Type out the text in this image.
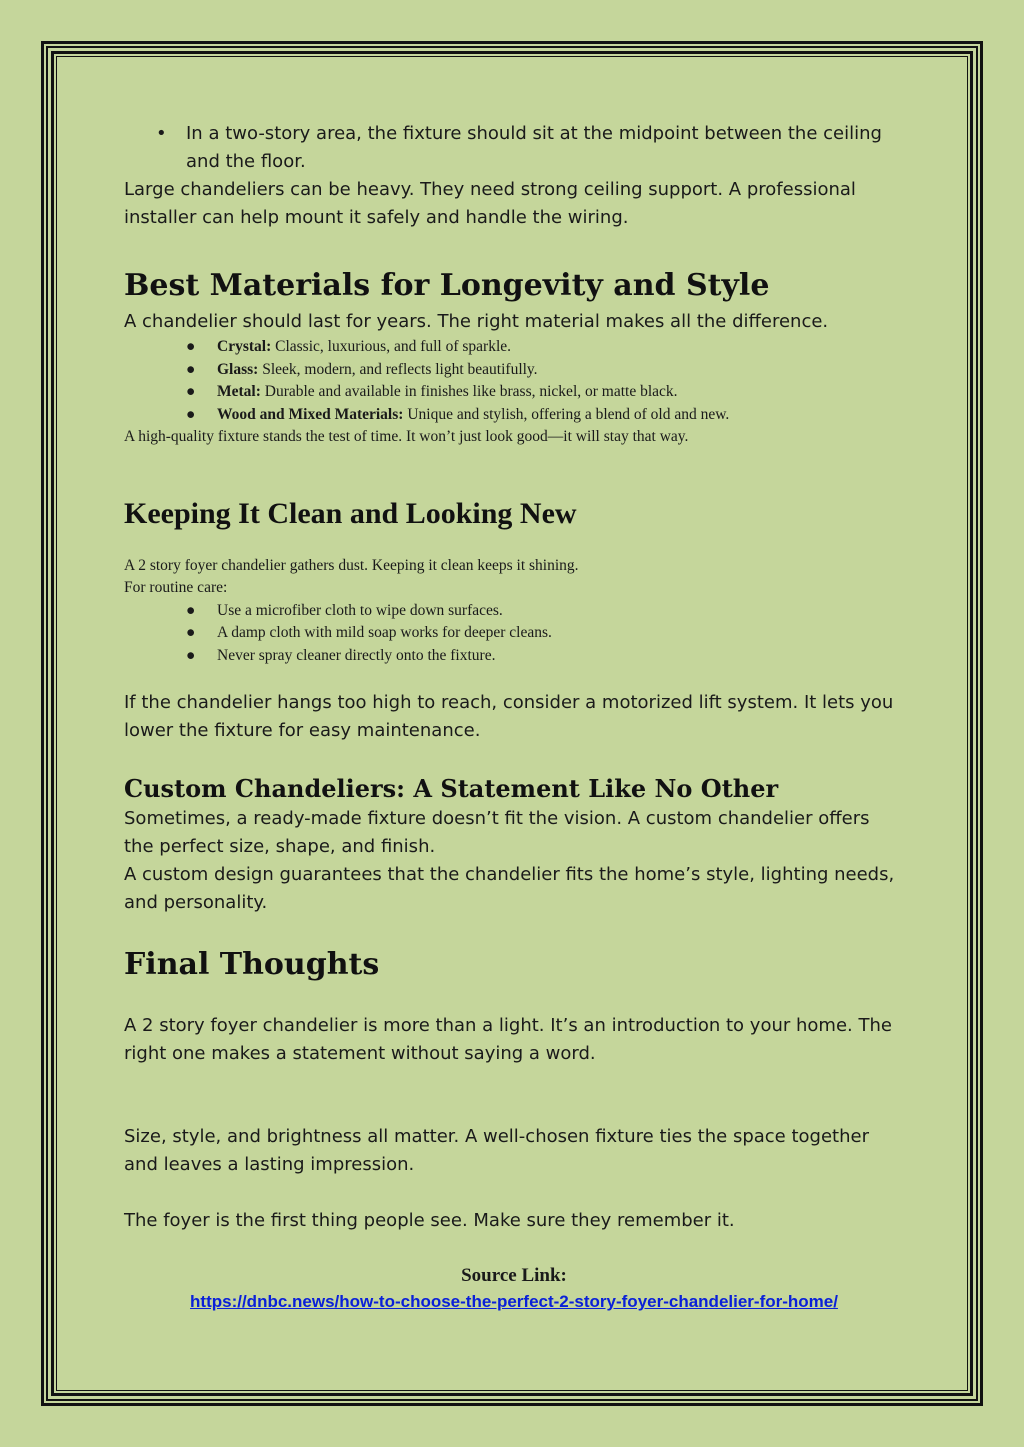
• In a two-story area, the fixture should sit at the midpoint between the ceiling and the floor.

Large chandeliers can be heavy. They need strong ceiling support. A professional installer can help mount it safely and handle the wiring.

Best Materials for Longevity and Style

A chandelier should last for years. The right material makes all the difference.

● Crystal: Classic, luxurious, and full of sparkle.
● Glass: Sleek, modern, and reflects light beautifully.
● Metal: Durable and available in finishes like brass, nickel, or matte black.
● Wood and Mixed Materials: Unique and stylish, offering a blend of old and new.

A high-quality fixture stands the test of time. It won’t just look good—it will stay that way.

Keeping It Clean and Looking New

A 2 story foyer chandelier gathers dust. Keeping it clean keeps it shining.

For routine care:

● Use a microfiber cloth to wipe down surfaces.
● A damp cloth with mild soap works for deeper cleans.
● Never spray cleaner directly onto the fixture.

If the chandelier hangs too high to reach, consider a motorized lift system. It lets you lower the fixture for easy maintenance.

Custom Chandeliers: A Statement Like No Other

Sometimes, a ready-made fixture doesn’t fit the vision. A custom chandelier offers the perfect size, shape, and finish.

A custom design guarantees that the chandelier fits the home’s style, lighting needs, and personality.

Final Thoughts

A 2 story foyer chandelier is more than a light. It’s an introduction to your home. The right one makes a statement without saying a word.

Size, style, and brightness all matter. A well-chosen fixture ties the space together and leaves a lasting impression.

The foyer is the first thing people see. Make sure they remember it.

Source Link:
https://dnbc.news/how-to-choose-the-perfect-2-story-foyer-chandelier-for-home/
